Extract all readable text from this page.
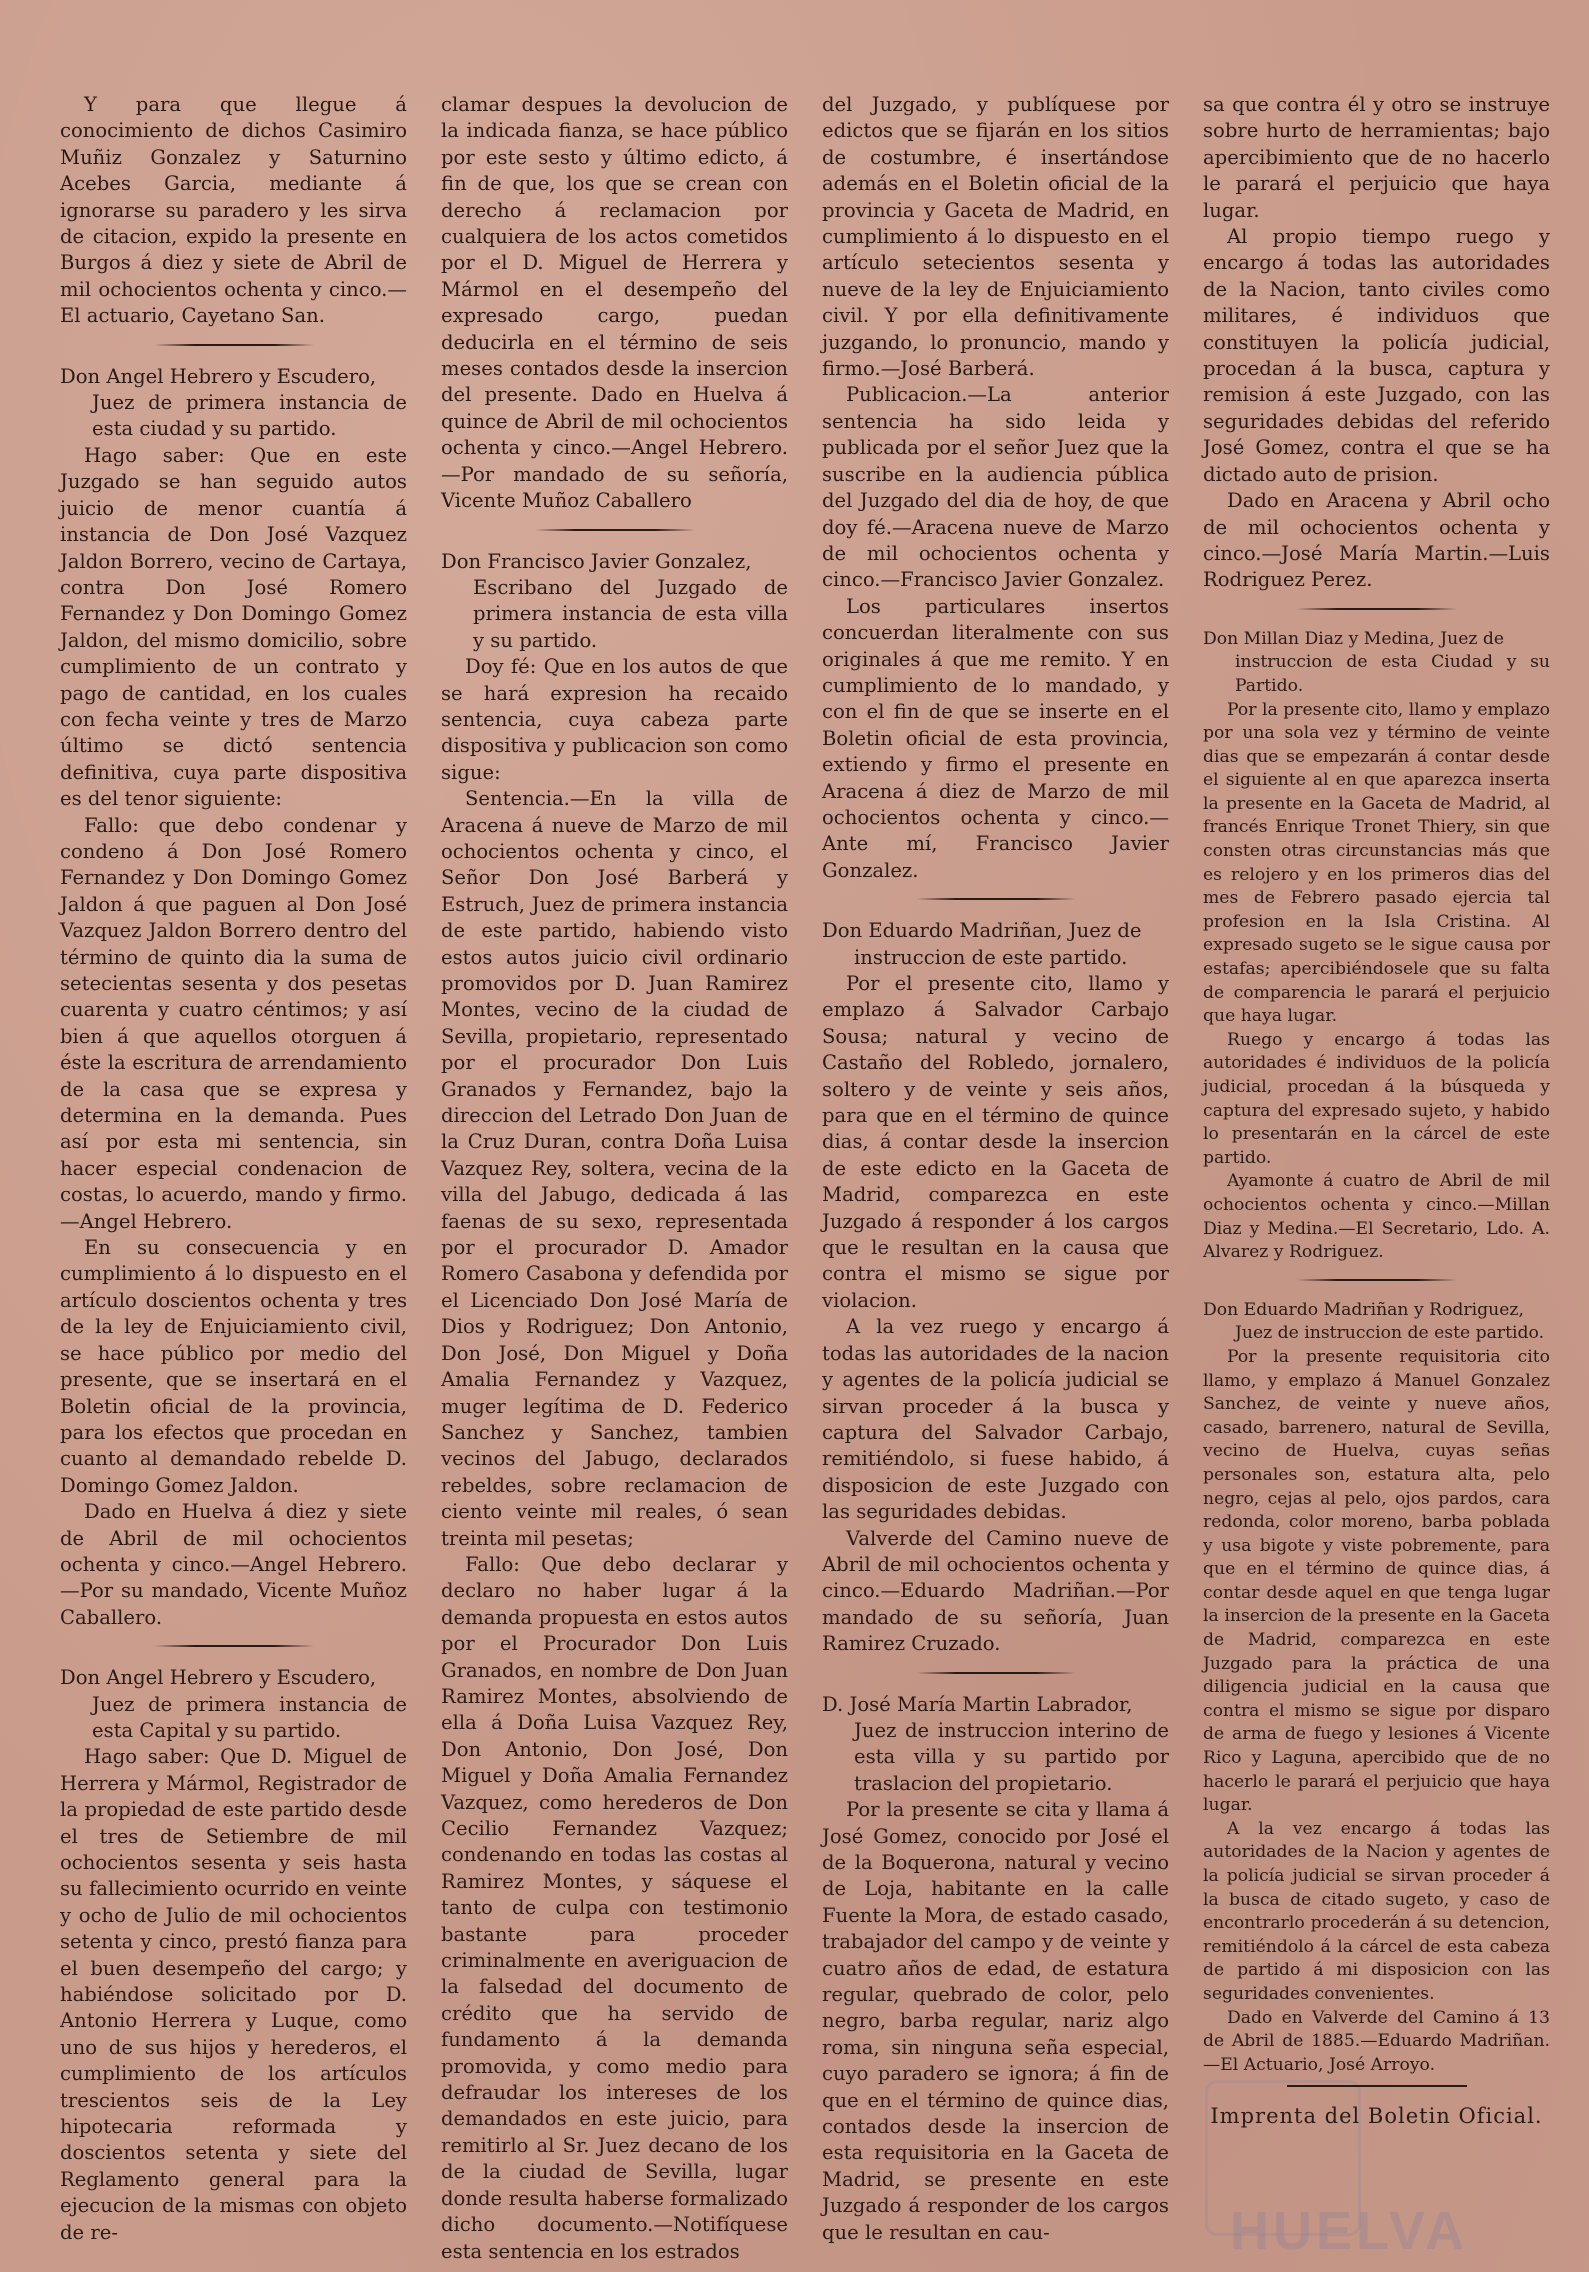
HUELVA

Y para que llegue á conocimiento de dichos Casimiro Muñiz Gonzalez y Saturnino Acebes Garcia, mediante á ignorarse su paradero y les sirva de citacion, expido la presente en Burgos á diez y siete de Abril de mil ochocientos ochenta y cinco.—El actuario, Cayetano San.

Don Angel Hebrero y Escudero,

Juez de primera instancia de esta ciudad y su partido.

Hago saber: Que en este Juzgado se han seguido autos juicio de menor cuantía á instancia de Don José Vazquez Jaldon Borrero, vecino de Cartaya, contra Don José Romero Fernandez y Don Domingo Gomez Jaldon, del mismo domicilio, sobre cumplimiento de un contrato y pago de cantidad, en los cuales con fecha veinte y tres de Marzo último se dictó sentencia definitiva, cuya parte dispositiva es del tenor siguiente:

Fallo: que debo condenar y condeno á Don José Romero Fernandez y Don Domingo Gomez Jaldon á que paguen al Don José Vazquez Jaldon Borrero dentro del término de quinto dia la suma de setecientas sesenta y dos pesetas cuarenta y cuatro céntimos; y así bien á que aquellos otorguen á éste la escritura de arrendamiento de la casa que se expresa y determina en la demanda. Pues así por esta mi sentencia, sin hacer especial condenacion de costas, lo acuerdo, mando y firmo.—Angel Hebrero.

En su consecuencia y en cumplimiento á lo dispuesto en el artículo doscientos ochenta y tres de la ley de Enjuiciamiento civil, se hace público por medio del presente, que se insertará en el Boletin oficial de la provincia, para los efectos que procedan en cuanto al demandado rebelde D. Domingo Gomez Jaldon.

Dado en Huelva á diez y siete de Abril de mil ochocientos ochenta y cinco.—Angel Hebrero.—Por su mandado, Vicente Muñoz Caballero.

Don Angel Hebrero y Escudero,

Juez de primera instancia de esta Capital y su partido.

Hago saber: Que D. Miguel de Herrera y Mármol, Registrador de la propiedad de este partido desde el tres de Setiembre de mil ochocientos sesenta y seis hasta su fallecimiento ocurrido en veinte y ocho de Julio de mil ochocientos setenta y cinco, prestó fianza para el buen desempeño del cargo; y habiéndose solicitado por D. Antonio Herrera y Luque, como uno de sus hijos y herederos, el cumplimiento de los artículos trescientos seis de la Ley hipotecaria reformada y doscientos setenta y siete del Reglamento general para la ejecucion de la mismas con objeto de re-

clamar despues la devolucion de la indicada fianza, se hace público por este sesto y último edicto, á fin de que, los que se crean con derecho á reclamacion por cualquiera de los actos cometidos por el D. Miguel de Herrera y Mármol en el desempeño del expresado cargo, puedan deducirla en el término de seis meses contados desde la insercion del presente. Dado en Huelva á quince de Abril de mil ochocientos ochenta y cinco.—Angel Hebrero.—Por mandado de su señoría, Vicente Muñoz Caballero

Don Francisco Javier Gonzalez,

Escribano del Juzgado de primera instancia de esta villa y su partido.

Doy fé: Que en los autos de que se hará expresion ha recaido sentencia, cuya cabeza parte dispositiva y publicacion son como sigue:

Sentencia.—En la villa de Aracena á nueve de Marzo de mil ochocientos ochenta y cinco, el Señor Don José Barberá y Estruch, Juez de primera instancia de este partido, habiendo visto estos autos juicio civil ordinario promovidos por D. Juan Ramirez Montes, vecino de la ciudad de Sevilla, propietario, representado por el procurador Don Luis Granados y Fernandez, bajo la direccion del Letrado Don Juan de la Cruz Duran, contra Doña Luisa Vazquez Rey, soltera, vecina de la villa del Jabugo, dedicada á las faenas de su sexo, representada por el procurador D. Amador Romero Casabona y defendida por el Licenciado Don José María de Dios y Rodriguez; Don Antonio, Don José, Don Miguel y Doña Amalia Fernandez y Vazquez, muger legítima de D. Federico Sanchez y Sanchez, tambien vecinos del Jabugo, declarados rebeldes, sobre reclamacion de ciento veinte mil reales, ó sean treinta mil pesetas;

Fallo: Que debo declarar y declaro no haber lugar á la demanda propuesta en estos autos por el Procurador Don Luis Granados, en nombre de Don Juan Ramirez Montes, absolviendo de ella á Doña Luisa Vazquez Rey, Don Antonio, Don José, Don Miguel y Doña Amalia Fernandez Vazquez, como herederos de Don Cecilio Fernandez Vazquez; condenando en todas las costas al Ramirez Montes, y sáquese el tanto de culpa con testimonio bastante para proceder criminalmente en averiguacion de la falsedad del documento de crédito que ha servido de fundamento á la demanda promovida, y como medio para defraudar los intereses de los demandados en este juicio, para remitirlo al Sr. Juez decano de los de la ciudad de Sevilla, lugar donde resulta haberse formalizado dicho documento.—Notifíquese esta sentencia en los estrados

del Juzgado, y publíquese por edictos que se fijarán en los sitios de costumbre, é insertándose además en el Boletin oficial de la provincia y Gaceta de Madrid, en cumplimiento á lo dispuesto en el artículo setecientos sesenta y nueve de la ley de Enjuiciamiento civil. Y por ella definitivamente juzgando, lo pronuncio, mando y firmo.—José Barberá.

Publicacion.—La anterior sentencia ha sido leida y publicada por el señor Juez que la suscribe en la audiencia pública del Juzgado del dia de hoy, de que doy fé.—Aracena nueve de Marzo de mil ochocientos ochenta y cinco.—Francisco Javier Gonzalez.

Los particulares insertos concuerdan literalmente con sus originales á que me remito. Y en cumplimiento de lo mandado, y con el fin de que se inserte en el Boletin oficial de esta provincia, extiendo y firmo el presente en Aracena á diez de Marzo de mil ochocientos ochenta y cinco.—Ante mí, Francisco Javier Gonzalez.

Don Eduardo Madriñan, Juez de

instruccion de este partido.

Por el presente cito, llamo y emplazo á Salvador Carbajo Sousa; natural y vecino de Castaño del Robledo, jornalero, soltero y de veinte y seis años, para que en el término de quince dias, á contar desde la insercion de este edicto en la Gaceta de Madrid, comparezca en este Juzgado á responder á los cargos que le resultan en la causa que contra el mismo se sigue por violacion.

A la vez ruego y encargo á todas las autoridades de la nacion y agentes de la policía judicial se sirvan proceder á la busca y captura del Salvador Carbajo, remitiéndolo, si fuese habido, á disposicion de este Juzgado con las seguridades debidas.

Valverde del Camino nueve de Abril de mil ochocientos ochenta y cinco.—Eduardo Madriñan.—Por mandado de su señoría, Juan Ramirez Cruzado.

D. José María Martin Labrador,

Juez de instruccion interino de esta villa y su partido por traslacion del propietario.

Por la presente se cita y llama á José Gomez, conocido por José el de la Boquerona, natural y vecino de Loja, habitante en la calle Fuente la Mora, de estado casado, trabajador del campo y de veinte y cuatro años de edad, de estatura regular, quebrado de color, pelo negro, barba regular, nariz algo roma, sin ninguna seña especial, cuyo paradero se ignora; á fin de que en el término de quince dias, contados desde la insercion de esta requisitoria en la Gaceta de Madrid, se presente en este Juzgado á responder de los cargos que le resultan en cau-

sa que contra él y otro se instruye sobre hurto de herramientas; bajo apercibimiento que de no hacerlo le parará el perjuicio que haya lugar.

Al propio tiempo ruego y encargo á todas las autoridades de la Nacion, tanto civiles como militares, é individuos que constituyen la policía judicial, procedan á la busca, captura y remision á este Juzgado, con las seguridades debidas del referido José Gomez, contra el que se ha dictado auto de prision.

Dado en Aracena y Abril ocho de mil ochocientos ochenta y cinco.—José María Martin.—Luis Rodriguez Perez.

Don Millan Diaz y Medina, Juez de

instruccion de esta Ciudad y su Partido.

Por la presente cito, llamo y emplazo por una sola vez y término de veinte dias que se empezarán á contar desde el siguiente al en que aparezca inserta la presente en la Gaceta de Madrid, al francés Enrique Tronet Thiery, sin que consten otras circunstancias más que es relojero y en los primeros dias del mes de Febrero pasado ejercia tal profesion en la Isla Cristina. Al expresado sugeto se le sigue causa por estafas; apercibiéndosele que su falta de comparencia le parará el perjuicio que haya lugar.

Ruego y encargo á todas las autoridades é individuos de la policía judicial, procedan á la búsqueda y captura del expresado sujeto, y habido lo presentarán en la cárcel de este partido.

Ayamonte á cuatro de Abril de mil ochocientos ochenta y cinco.—Millan Diaz y Medina.—El Secretario, Ldo. A. Alvarez y Rodriguez.

Don Eduardo Madriñan y Rodriguez,

Juez de instruccion de este partido.

Por la presente requisitoria cito llamo, y emplazo á Manuel Gonzalez Sanchez, de veinte y nueve años, casado, barrenero, natural de Sevilla, vecino de Huelva, cuyas señas personales son, estatura alta, pelo negro, cejas al pelo, ojos pardos, cara redonda, color moreno, barba poblada y usa bigote y viste pobremente, para que en el término de quince dias, á contar desde aquel en que tenga lugar la insercion de la presente en la Gaceta de Madrid, comparezca en este Juzgado para la práctica de una diligencia judicial en la causa que contra el mismo se sigue por disparo de arma de fuego y lesiones á Vicente Rico y Laguna, apercibido que de no hacerlo le parará el perjuicio que haya lugar.

A la vez encargo á todas las autoridades de la Nacion y agentes de la policía judicial se sirvan proceder á la busca de citado sugeto, y caso de encontrarlo procederán á su detencion, remitiéndolo á la cárcel de esta cabeza de partido á mi disposicion con las seguridades convenientes.

Dado en Valverde del Camino á 13 de Abril de 1885.—Eduardo Madriñan.—El Actuario, José Arroyo.

Imprenta del Boletin Oficial.
